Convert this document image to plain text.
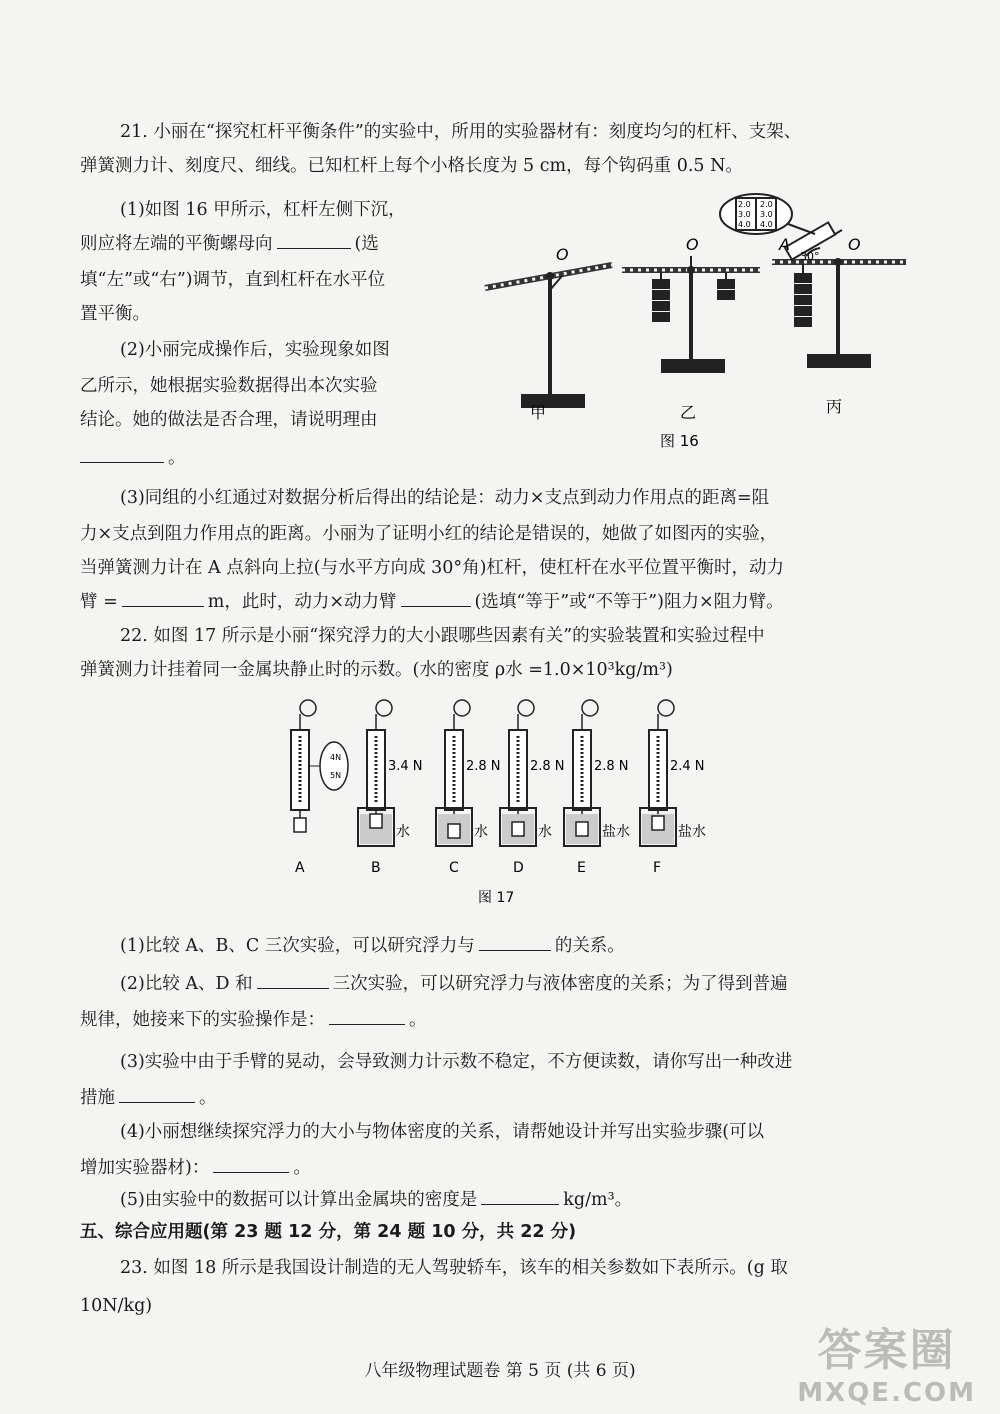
21. 小丽在“探究杠杆平衡条件”的实验中，所用的实验器材有：刻度均匀的杠杆、支架、
弹簧测力计、刻度尺、细线。已知杠杆上每个小格长度为 5 cm，每个钩码重 0.5 N。
(1)如图 16 甲所示，杠杆左侧下沉，
则应将左端的平衡螺母向	(选
填“左”或“右”)调节，直到杠杆在水平位
置平衡。
(2)小丽完成操作后，实验现象如图
乙所示，她根据实验数据得出本次实验
结论。她的做法是否合理，请说明理由
。
O
O	O
A
30°
2.0
3.0
4.0
2.0
3.0
4.0
甲	乙	丙
图 16
(3)同组的小红通过对数据分析后得出的结论是：动力×支点到动力作用点的距离=阻
力×支点到阻力作用点的距离。小丽为了证明小红的结论是错误的，她做了如图丙的实验，
当弹簧测力计在 A 点斜向上拉(与水平方向成 30°角)杠杆，使杠杆在水平位置平衡时，动力
臂 =	m，此时，动力×动力臂	(选填“等于”或“不等于”)阻力×阻力臂。
22. 如图 17 所示是小丽“探究浮力的大小跟哪些因素有关”的实验装置和实验过程中
弹簧测力计挂着同一金属块静止时的示数。(水的密度 ρ水 =1.0×10³kg/m³)
4N
5N
A
3.4 N
水
B
2.8 N
水
C
2.8 N
水
D
2.8 N
盐水
E
2.4 N
盐水
F
图 17
(1)比较 A、B、C 三次实验，可以研究浮力与	的关系。
(2)比较 A、D 和	三次实验，可以研究浮力与液体密度的关系；为了得到普遍
规律，她接来下的实验操作是：	。
(3)实验中由于手臂的晃动，会导致测力计示数不稳定，不方便读数，请你写出一种改进
措施	。
(4)小丽想继续探究浮力的大小与物体密度的关系，请帮她设计并写出实验步骤(可以
增加实验器材)：	。
(5)由实验中的数据可以计算出金属块的密度是	kg/m³。
五、综合应用题(第 23 题 12 分，第 24 题 10 分，共 22 分)
23. 如图 18 所示是我国设计制造的无人驾驶轿车，该车的相关参数如下表所示。(g 取
10N/kg)
八年级物理试题卷 第 5 页 (共 6 页)	答案圈
MXQE.COM
